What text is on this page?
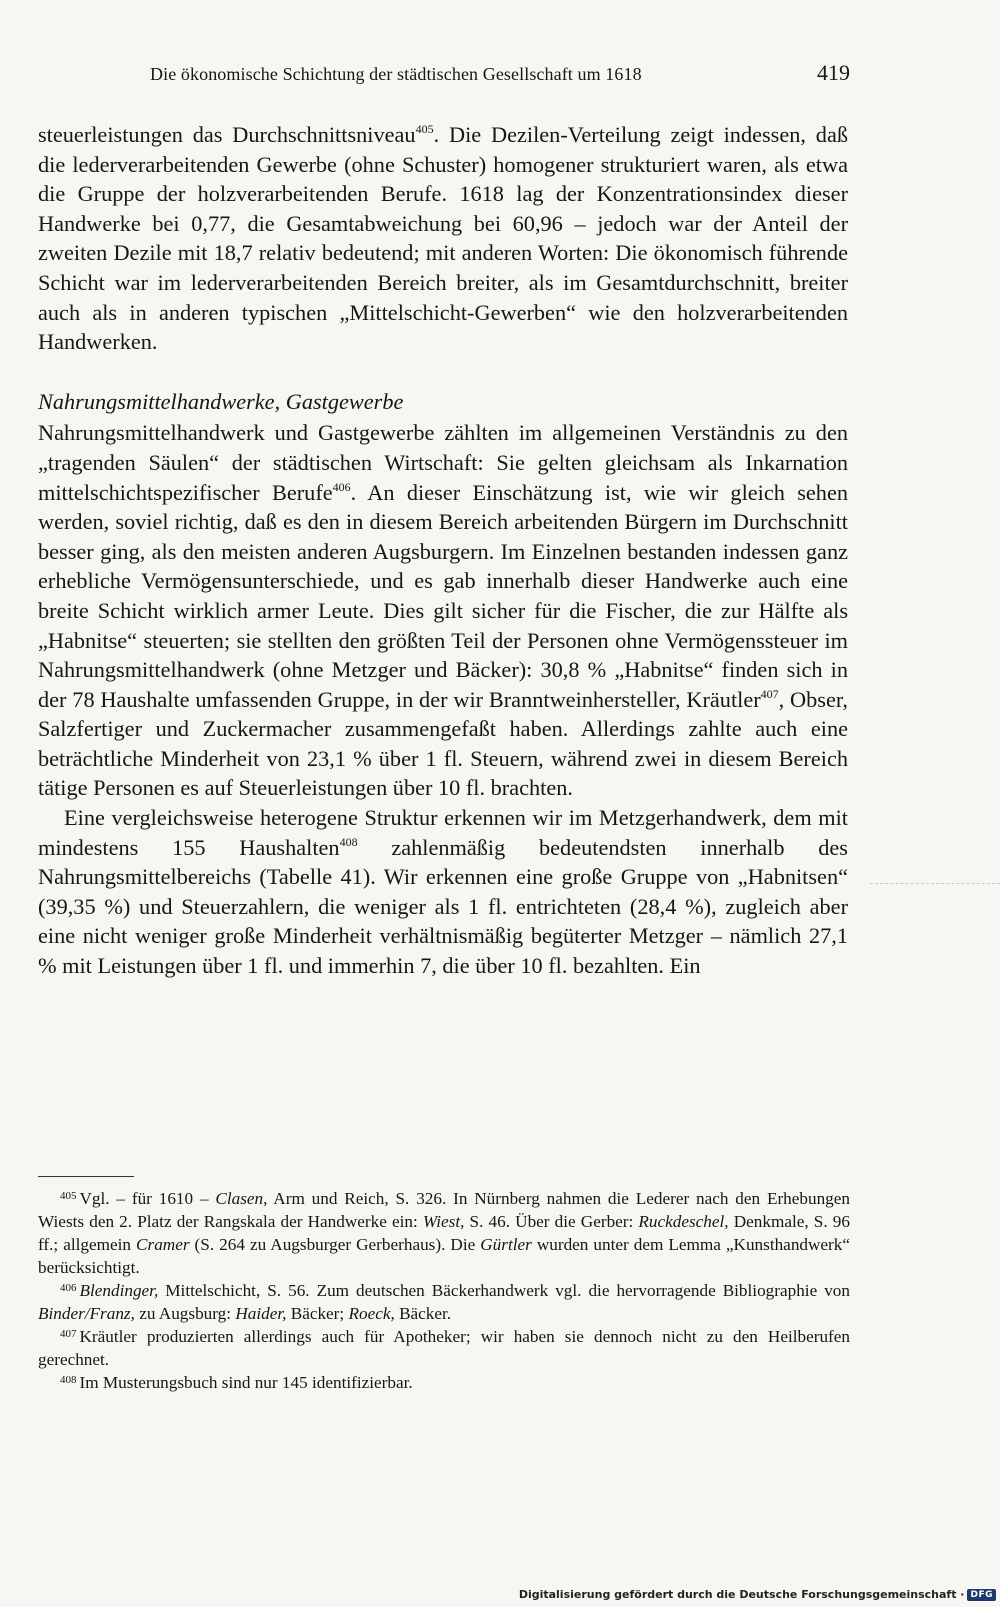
Die ökonomische Schichtung der städtischen Gesellschaft um 1618	419

steuerleistungen das Durchschnittsniveau$^{405}$. Die Dezilen-Verteilung zeigt indessen, daß die lederverarbeitenden Gewerbe (ohne Schuster) homogener strukturiert waren, als etwa die Gruppe der holzverarbeitenden Berufe. 1618 lag der Konzentrationsindex dieser Handwerke bei 0,77, die Gesamtabweichung bei 60,96 – jedoch war der Anteil der zweiten Dezile mit 18,7 relativ bedeutend; mit anderen Worten: Die ökonomisch führende Schicht war im lederverarbeitenden Bereich breiter, als im Gesamtdurchschnitt, breiter auch als in anderen typischen „Mittelschicht-Gewerben“ wie den holzverarbeitenden Handwerken.

Nahrungsmittelhandwerke, Gastgewerbe

Nahrungsmittelhandwerk und Gastgewerbe zählten im allgemeinen Verständnis zu den „tragenden Säulen“ der städtischen Wirtschaft: Sie gelten gleichsam als Inkarnation mittelschichtspezifischer Berufe$^{406}$. An dieser Einschätzung ist, wie wir gleich sehen werden, soviel richtig, daß es den in diesem Bereich arbeitenden Bürgern im Durchschnitt besser ging, als den meisten anderen Augsburgern. Im Einzelnen bestanden indessen ganz erhebliche Vermögensunterschiede, und es gab innerhalb dieser Handwerke auch eine breite Schicht wirklich armer Leute. Dies gilt sicher für die Fischer, die zur Hälfte als „Habnitse“ steuerten; sie stellten den größten Teil der Personen ohne Vermögenssteuer im Nahrungsmittelhandwerk (ohne Metzger und Bäcker): 30,8 % „Habnitse“ finden sich in der 78 Haushalte umfassenden Gruppe, in der wir Branntweinhersteller, Kräutler$^{407}$, Obser, Salzfertiger und Zuckermacher zusammengefaßt haben. Allerdings zahlte auch eine beträchtliche Minderheit von 23,1 % über 1 fl. Steuern, während zwei in diesem Bereich tätige Personen es auf Steuerleistungen über 10 fl. brachten.

Eine vergleichsweise heterogene Struktur erkennen wir im Metzgerhandwerk, dem mit mindestens 155 Haushalten$^{408}$ zahlenmäßig bedeutendsten innerhalb des Nahrungsmittelbereichs (Tabelle 41). Wir erkennen eine große Gruppe von „Habnitsen“ (39,35 %) und Steuerzahlern, die weniger als 1 fl. entrichteten (28,4 %), zugleich aber eine nicht weniger große Minderheit verhältnismäßig begüterter Metzger – nämlich 27,1 % mit Leistungen über 1 fl. und immerhin 7, die über 10 fl. bezahlten. Ein

$^{405}$ Vgl. – für 1610 – Clasen, Arm und Reich, S. 326. In Nürnberg nahmen die Lederer nach den Erhebungen Wiests den 2. Platz der Rangskala der Handwerke ein: Wiest, S. 46. Über die Gerber: Ruckdeschel, Denkmale, S. 96 ff.; allgemein Cramer (S. 264 zu Augsburger Gerberhaus). Die Gürtler wurden unter dem Lemma „Kunsthandwerk“ berücksichtigt.

$^{406}$ Blendinger, Mittelschicht, S. 56. Zum deutschen Bäckerhandwerk vgl. die hervorragende Bibliographie von Binder/Franz, zu Augsburg: Haider, Bäcker; Roeck, Bäcker.

$^{407}$ Kräutler produzierten allerdings auch für Apotheker; wir haben sie dennoch nicht zu den Heilberufen gerechnet.

$^{408}$ Im Musterungsbuch sind nur 145 identifizierbar.

Digitalisierung gefördert durch die Deutsche Forschungsgemeinschaft · DFG
